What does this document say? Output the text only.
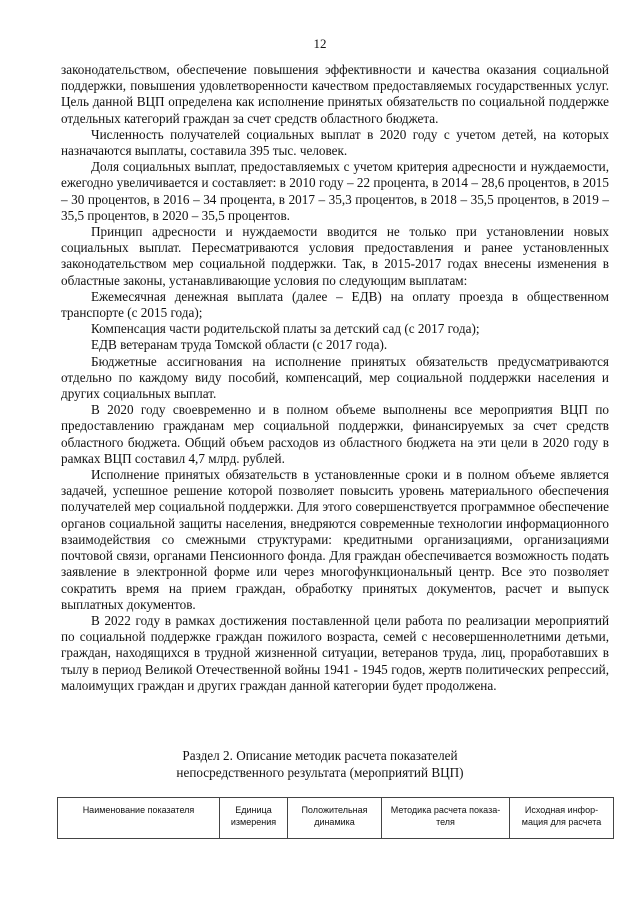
12

законодательством, обеспечение повышения эффективности и качества оказания социальной поддержки, повышения удовлетворенности качеством предоставляемых государственных услуг. Цель данной ВЦП определена как исполнение принятых обязательств по социальной поддержке отдельных категорий граждан за счет средств областного бюджета.

Численность получателей социальных выплат в 2020 году с учетом детей, на которых назначаются выплаты, составила 395 тыс. человек.

Доля социальных выплат, предоставляемых с учетом критерия адресности и нуждаемости, ежегодно увеличивается и составляет: в 2010 году – 22 процента, в 2014 – 28,6 процентов, в 2015 – 30 процентов, в 2016 – 34 процента, в 2017 – 35,3 процентов, в 2018 – 35,5 процентов, в 2019 – 35,5 процентов, в 2020 – 35,5 процентов.

Принцип адресности и нуждаемости вводится не только при установлении новых социальных выплат. Пересматриваются условия предоставления и ранее установленных законодательством мер социальной поддержки. Так, в 2015-2017 годах внесены изменения в областные законы, устанавливающие условия по следующим выплатам:

Ежемесячная денежная выплата (далее – ЕДВ) на оплату проезда в общественном транспорте (с 2015 года);

Компенсация части родительской платы за детский сад (с 2017 года);

ЕДВ ветеранам труда Томской области (с 2017 года).

Бюджетные ассигнования на исполнение принятых обязательств предусматриваются отдельно по каждому виду пособий, компенсаций, мер социальной поддержки населения и других социальных выплат.

В 2020 году своевременно и в полном объеме выполнены все мероприятия ВЦП по предоставлению гражданам мер социальной поддержки, финансируемых за счет средств областного бюджета. Общий объем расходов из областного бюджета на эти цели в 2020 году в рамках ВЦП составил 4,7 млрд. рублей.

Исполнение принятых обязательств в установленные сроки и в полном объеме является задачей, успешное решение которой позволяет повысить уровень материального обеспечения получателей мер социальной поддержки. Для этого совершенствуется программное обеспечение органов социальной защиты населения, внедряются современные технологии информационного взаимодействия со смежными структурами: кредитными организациями, организациями почтовой связи, органами Пенсионного фонда. Для граждан обеспечивается возможность подать заявление в электронной форме или через многофункциональный центр. Все это позволяет сократить время на прием граждан, обработку принятых документов, расчет и выпуск выплатных документов.

В 2022 году в рамках достижения поставленной цели работа по реализации мероприятий по социальной поддержке граждан пожилого возраста, семей с несовершеннолетними детьми, граждан, находящихся в трудной жизненной ситуации, ветеранов труда, лиц, проработавших в тылу в период Великой Отечественной войны 1941 - 1945 годов, жертв политических репрессий, малоимущих граждан и других граждан данной категории будет продолжена.

Раздел 2. Описание методик расчета показателей
непосредственного результата (мероприятий ВЦП)
Наименование показателя	Единица измерения	Положительная динамика	Методика расчета показа- теля	Исходная инфор- мация для расчета
